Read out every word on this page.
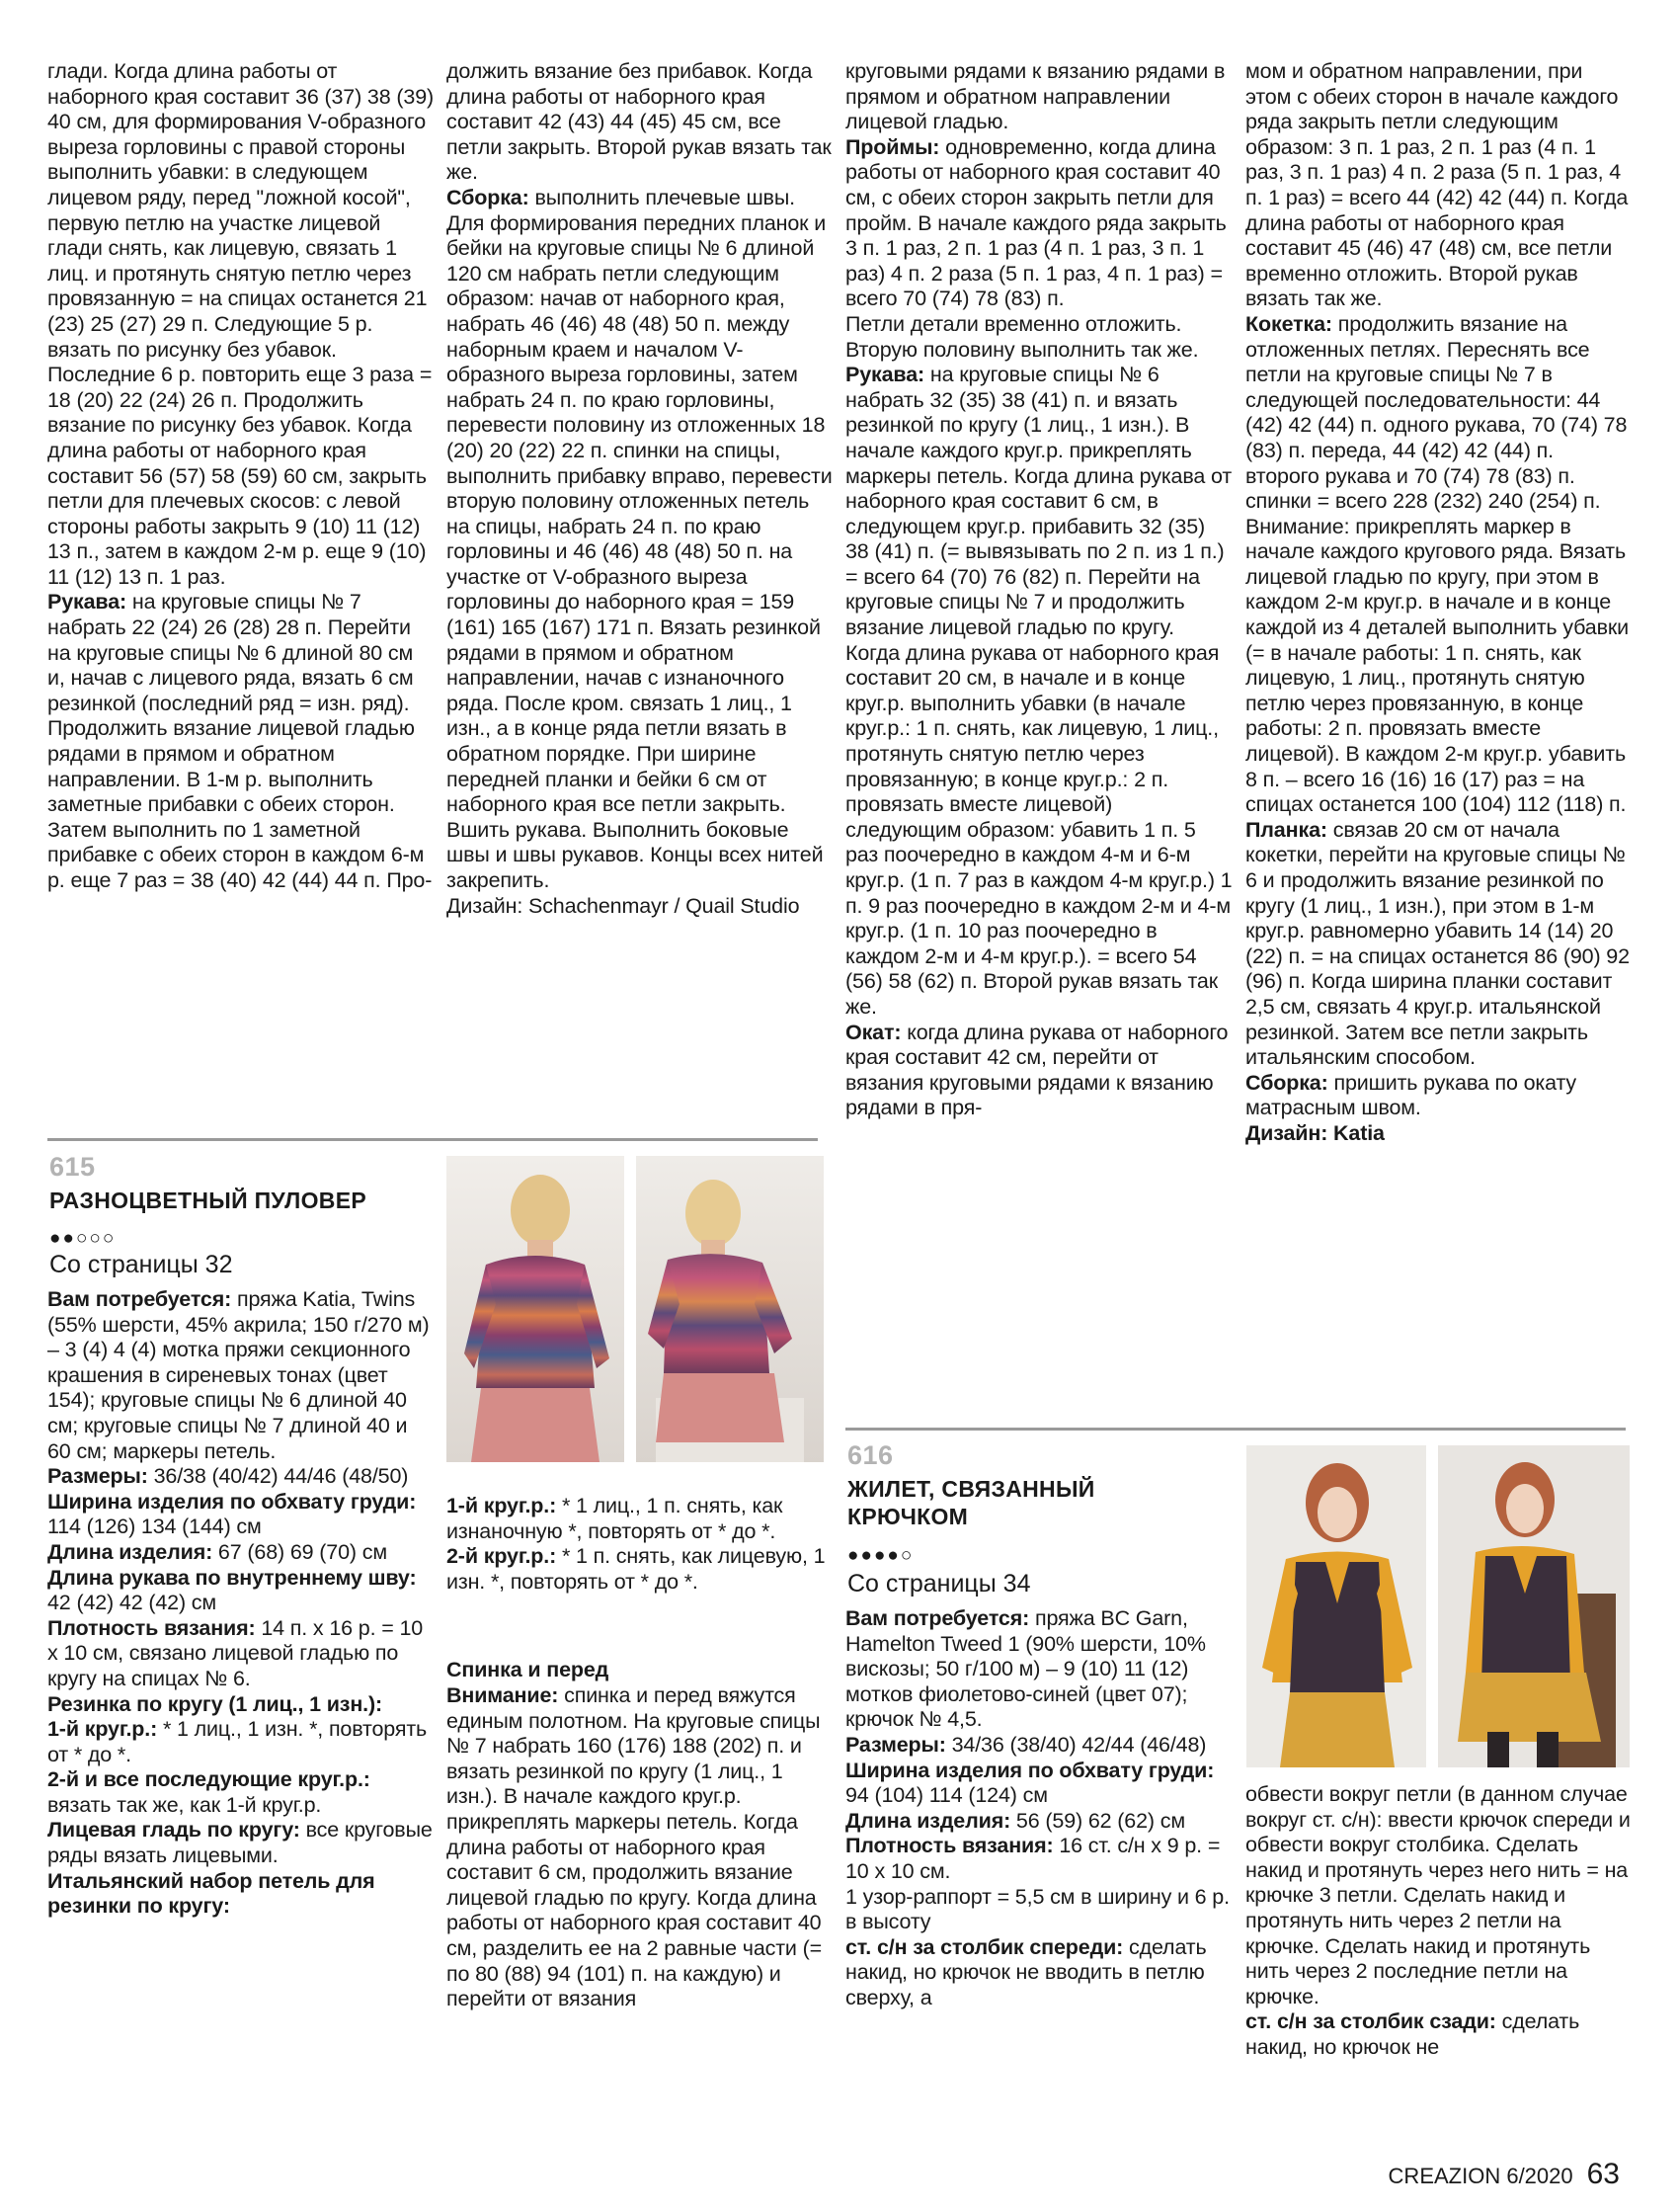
глади. Когда длина работы от наборного края составит 36 (37) 38 (39) 40 см, для формирования V-образного выреза горловины с правой стороны выполнить убавки: в следующем лицевом ряду, перед "ложной косой", первую петлю на участке лицевой глади снять, как лицевую, связать 1 лиц. и протянуть снятую петлю через провязанную = на спицах останется 21 (23) 25 (27) 29 п. Следующие 5 р. вязать по рисунку без убавок. Последние 6 р. повторить еще 3 раза = 18 (20) 22 (24) 26 п. Продолжить вязание по рисунку без убавок. Когда длина работы от наборного края составит 56 (57) 58 (59) 60 см, закрыть петли для плечевых скосов: с левой стороны работы закрыть 9 (10) 11 (12) 13 п., затем в каждом 2-м р. еще 9 (10) 11 (12) 13 п. 1 раз.
Рукава: на круговые спицы № 7 набрать 22 (24) 26 (28) 28 п. Перейти на круговые спицы № 6 длиной 80 см и, начав с лицевого ряда, вязать 6 см резинкой (последний ряд = изн. ряд). Продолжить вязание лицевой гладью рядами в прямом и обратном направлении. В 1-м р. выполнить заметные прибавки с обеих сторон. Затем выполнить по 1 заметной прибавке с обеих сторон в каждом 6-м р. еще 7 раз = 38 (40) 42 (44) 44 п. Про-
должить вязание без прибавок. Когда длина работы от наборного края составит 42 (43) 44 (45) 45 см, все петли закрыть. Второй рукав вязать так же.
Сборка: выполнить плечевые швы. Для формирования передних планок и бейки на круговые спицы № 6 длиной 120 см набрать петли следующим образом: начав от наборного края, набрать 46 (46) 48 (48) 50 п. между наборным краем и началом V-образного выреза горловины, затем набрать 24 п. по краю горловины, перевести половину из отложенных 18 (20) 20 (22) 22 п. спинки на спицы, выполнить прибавку вправо, перевести вторую половину отложенных петель на спицы, набрать 24 п. по краю горловины и 46 (46) 48 (48) 50 п. на участке от V-образного выреза горловины до наборного края = 159 (161) 165 (167) 171 п. Вязать резинкой рядами в прямом и обратном направлении, начав с изнаночного ряда. После кром. связать 1 лиц., 1 изн., а в конце ряда петли вязать в обратном порядке. При ширине передней планки и бейки 6 см от наборного края все петли закрыть. Вшить рукава. Выполнить боковые швы и швы рукавов. Концы всех нитей закрепить.
Дизайн: Schachenmayr / Quail Studio
круговыми рядами к вязанию рядами в прямом и обратном направлении лицевой гладью.
Проймы: одновременно, когда длина работы от наборного края составит 40 см, с обеих сторон закрыть петли для пройм. В начале каждого ряда закрыть 3 п. 1 раз, 2 п. 1 раз (4 п. 1 раз, 3 п. 1 раз) 4 п. 2 раза (5 п. 1 раз, 4 п. 1 раз) = всего 70 (74) 78 (83) п.
Петли детали временно отложить. Вторую половину выполнить так же.
Рукава: на круговые спицы № 6 набрать 32 (35) 38 (41) п. и вязать резинкой по кругу (1 лиц., 1 изн.). В начале каждого круг.р. прикреплять маркеры петель. Когда длина рукава от наборного края составит 6 см, в следующем круг.р. прибавить 32 (35) 38 (41) п. (= вывязывать по 2 п. из 1 п.) = всего 64 (70) 76 (82) п. Перейти на круговые спицы № 7 и продолжить вязание лицевой гладью по кругу. Когда длина рукава от наборного края составит 20 см, в начале и в конце круг.р. выполнить убавки (в начале круг.р.: 1 п. снять, как лицевую, 1 лиц., протянуть снятую петлю через провязанную; в конце круг.р.: 2 п. провязать вместе лицевой) следующим образом: убавить 1 п. 5 раз поочередно в каждом 4-м и 6-м круг.р. (1 п. 7 раз в каждом 4-м круг.р.) 1 п. 9 раз поочередно в каждом 2-м и 4-м круг.р. (1 п. 10 раз поочередно в каждом 2-м и 4-м круг.р.). = всего 54 (56) 58 (62) п. Второй рукав вязать так же.
Окат: когда длина рукава от наборного края составит 42 см, перейти от вязания круговыми рядами к вязанию рядами в пря-
мом и обратном направлении, при этом с обеих сторон в начале каждого ряда закрыть петли следующим образом: 3 п. 1 раз, 2 п. 1 раз (4 п. 1 раз, 3 п. 1 раз) 4 п. 2 раза (5 п. 1 раз, 4 п. 1 раз) = всего 44 (42) 42 (44) п. Когда длина работы от наборного края составит 45 (46) 47 (48) см, все петли временно отложить. Второй рукав вязать так же.
Кокетка: продолжить вязание на отложенных петлях. Переснять все петли на круговые спицы № 7 в следующей последовательности: 44 (42) 42 (44) п. одного рукава, 70 (74) 78 (83) п. переда, 44 (42) 42 (44) п. второго рукава и 70 (74) 78 (83) п. спинки = всего 228 (232) 240 (254) п. Внимание: прикреплять маркер в начале каждого кругового ряда. Вязать лицевой гладью по кругу, при этом в каждом 2-м круг.р. в начале и в конце каждой из 4 деталей выполнить убавки (= в начале работы: 1 п. снять, как лицевую, 1 лиц., протянуть снятую петлю через провязанную, в конце работы: 2 п. провязать вместе лицевой). В каждом 2-м круг.р. убавить 8 п. – всего 16 (16) 16 (17) раз = на спицах останется 100 (104) 112 (118) п.
Планка: связав 20 см от начала кокетки, перейти на круговые спицы № 6 и продолжить вязание резинкой по кругу (1 лиц., 1 изн.), при этом в 1-м круг.р. равномерно убавить 14 (14) 20 (22) п. = на спицах останется 86 (90) 92 (96) п. Когда ширина планки составит 2,5 см, связать 4 круг.р. итальянской резинкой. Затем все петли закрыть итальянским способом.
Сборка: пришить рукава по окату матрасным швом.
Дизайн: Katia
615
РАЗНОЦВЕТНЫЙ ПУЛОВЕР
●●○○○
Со страницы 32
Вам потребуется: пряжа Katia, Twins (55% шерсти, 45% акрила; 150 г/270 м) – 3 (4) 4 (4) мотка пряжи секционного крашения в сиреневых тонах (цвет 154); круговые спицы № 6 длиной 40 см; круговые спицы № 7 длиной 40 и 60 см; маркеры петель.
Размеры: 36/38 (40/42) 44/46 (48/50)
Ширина изделия по обхвату груди: 114 (126) 134 (144) см
Длина изделия: 67 (68) 69 (70) см
Длина рукава по внутреннему шву: 42 (42) 42 (42) см
Плотность вязания: 14 п. х 16 р. = 10 х 10 см, связано лицевой гладью по кругу на спицах № 6.
Резинка по кругу (1 лиц., 1 изн.):
1-й круг.р.: * 1 лиц., 1 изн. *, повторять от * до *.
2-й и все последующие круг.р.: вязать так же, как 1-й круг.р.
Лицевая гладь по кругу: все круговые ряды вязать лицевыми.
Итальянский набор петель для резинки по кругу:
1-й круг.р.: * 1 лиц., 1 п. снять, как изнаночную *, повторять от * до *.
2-й круг.р.: * 1 п. снять, как лицевую, 1 изн. *, повторять от * до *.
Спинка и перед
Внимание: спинка и перед вяжутся единым полотном. На круговые спицы № 7 набрать 160 (176) 188 (202) п. и вязать резинкой по кругу (1 лиц., 1 изн.). В начале каждого круг.р. прикреплять маркеры петель. Когда длина работы от наборного края составит 6 см, продолжить вязание лицевой гладью по кругу. Когда длина работы от наборного края составит 40 см, разделить ее на 2 равные части (= по 80 (88) 94 (101) п. на каждую) и перейти от вязания
616
ЖИЛЕТ, СВЯЗАННЫЙ КРЮЧКОМ
●●●●○
Со страницы 34
Вам потребуется: пряжа BC Garn, Hamelton Tweed 1 (90% шерсти, 10% вискозы; 50 г/100 м) – 9 (10) 11 (12) мотков фиолетово-синей (цвет 07); крючок № 4,5.
Размеры: 34/36 (38/40) 42/44 (46/48)
Ширина изделия по обхвату груди: 94 (104) 114 (124) см
Длина изделия: 56 (59) 62 (62) см
Плотность вязания: 16 ст. с/н х 9 р. = 10 х 10 см.
1 узор-раппорт = 5,5 см в ширину и 6 р. в высоту
ст. с/н за столбик спереди: сделать накид, но крючок не вводить в петлю сверху, а
обвести вокруг петли (в данном случае вокруг ст. с/н): ввести крючок спереди и обвести вокруг столбика. Сделать накид и протянуть через него нить = на крючке 3 петли. Сделать накид и протянуть нить через 2 петли на крючке. Сделать накид и протянуть нить через 2 последние петли на крючке.
ст. с/н за столбик сзади: сделать накид, но крючок не
CREAZION 6/2020 63
